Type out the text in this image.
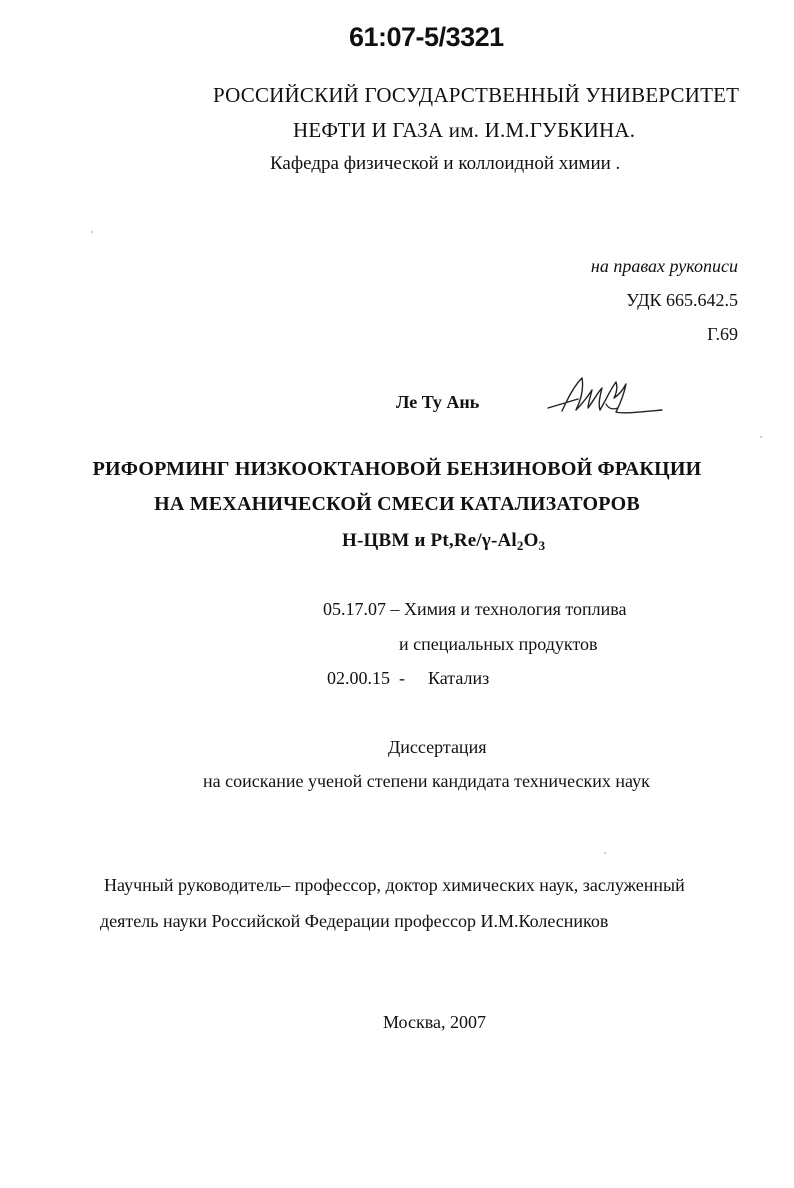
61:07-5/3321
РОССИЙСКИЙ ГОСУДАРСТВЕННЫЙ УНИВЕРСИТЕТ
НЕФТИ И ГАЗА им. И.М.ГУБКИНА.
Кафедра физической и коллоидной химии .
на правах рукописи
УДК 665.642.5
Г.69
Ле Ту Ань
РИФОРМИНГ НИЗКООКТАНОВОЙ БЕНЗИНОВОЙ ФРАКЦИИ
НА МЕХАНИЧЕСКОЙ СМЕСИ КАТАЛИЗАТОРОВ
Н-ЦВМ и $Pt,Re/\gamma-Al_2O_3$
05.17.07 – Химия и технология топлива
и специальных продуктов
02.00.15 - Катализ
Диссертация
на соискание ученой степени кандидата технических наук
Научный руководитель– профессор, доктор химических наук, заслуженный
деятель науки Российской Федерации профессор И.М.Колесников
Москва, 2007
